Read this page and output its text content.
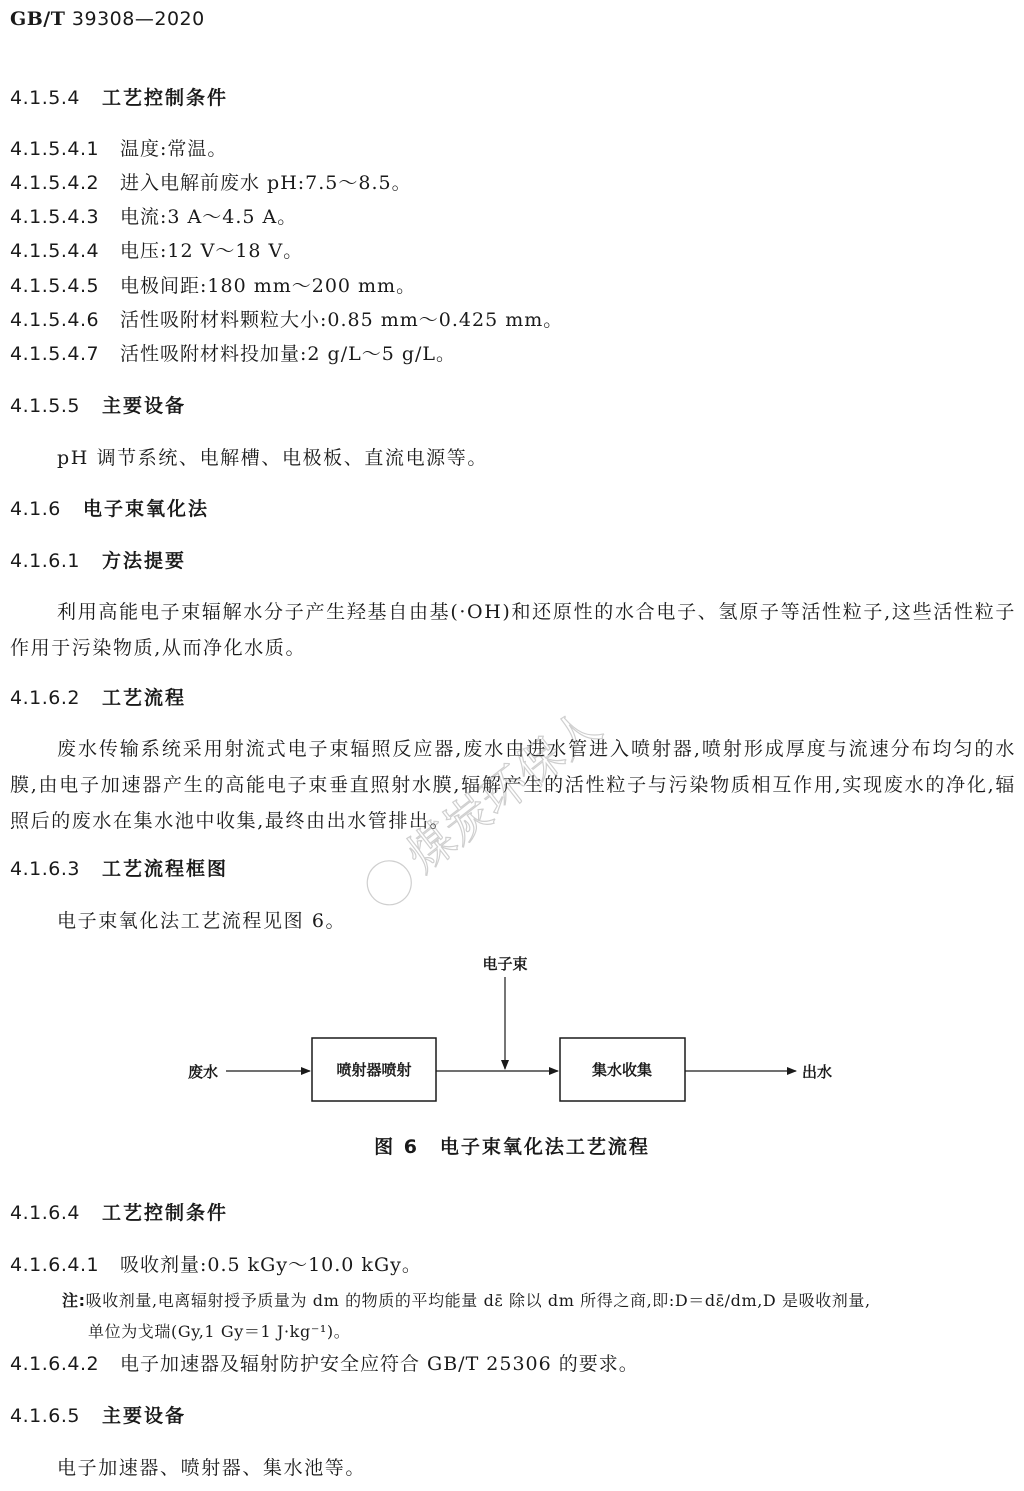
GB/T 39308—2020
4.1.5.4 工艺控制条件
4.1.5.4.1 温度:常温。
4.1.5.4.2 进入电解前废水 pH:7.5～8.5。
4.1.5.4.3 电流:3 A～4.5 A。
4.1.5.4.4 电压:12 V～18 V。
4.1.5.4.5 电极间距:180 mm～200 mm。
4.1.5.4.6 活性吸附材料颗粒大小:0.85 mm～0.425 mm。
4.1.5.4.7 活性吸附材料投加量:2 g/L～5 g/L。
4.1.5.5 主要设备
pH 调节系统、电解槽、电极板、直流电源等。
4.1.6 电子束氧化法
4.1.6.1 方法提要
利用高能电子束辐解水分子产生羟基自由基(·OH)和还原性的水合电子、氢原子等活性粒子,这些活性粒子作用于污染物质,从而净化水质。
4.1.6.2 工艺流程
废水传输系统采用射流式电子束辐照反应器,废水由进水管进入喷射器,喷射形成厚度与流速分布均匀的水膜,由电子加速器产生的高能电子束垂直照射水膜,辐解产生的活性粒子与污染物质相互作用,实现废水的净化,辐照后的废水在集水池中收集,最终由出水管排出。
4.1.6.3 工艺流程框图
电子束氧化法工艺流程见图 6。
废水	喷射器喷射
电子束
集水收集	出水
图 6　电子束氧化法工艺流程
4.1.6.4 工艺控制条件
4.1.6.4.1 吸收剂量:0.5 kGy～10.0 kGy。
注:吸收剂量,电离辐射授予质量为 dm 的物质的平均能量 dε̄ 除以 dm 所得之商,即:D＝dε̄/dm,D 是吸收剂量,
单位为戈瑞(Gy,1 Gy＝1 J·kg⁻¹)。
4.1.6.4.2 电子加速器及辐射防护安全应符合 GB/T 25306 的要求。
4.1.6.5 主要设备
电子加速器、喷射器、集水池等。
煤炭环保人
